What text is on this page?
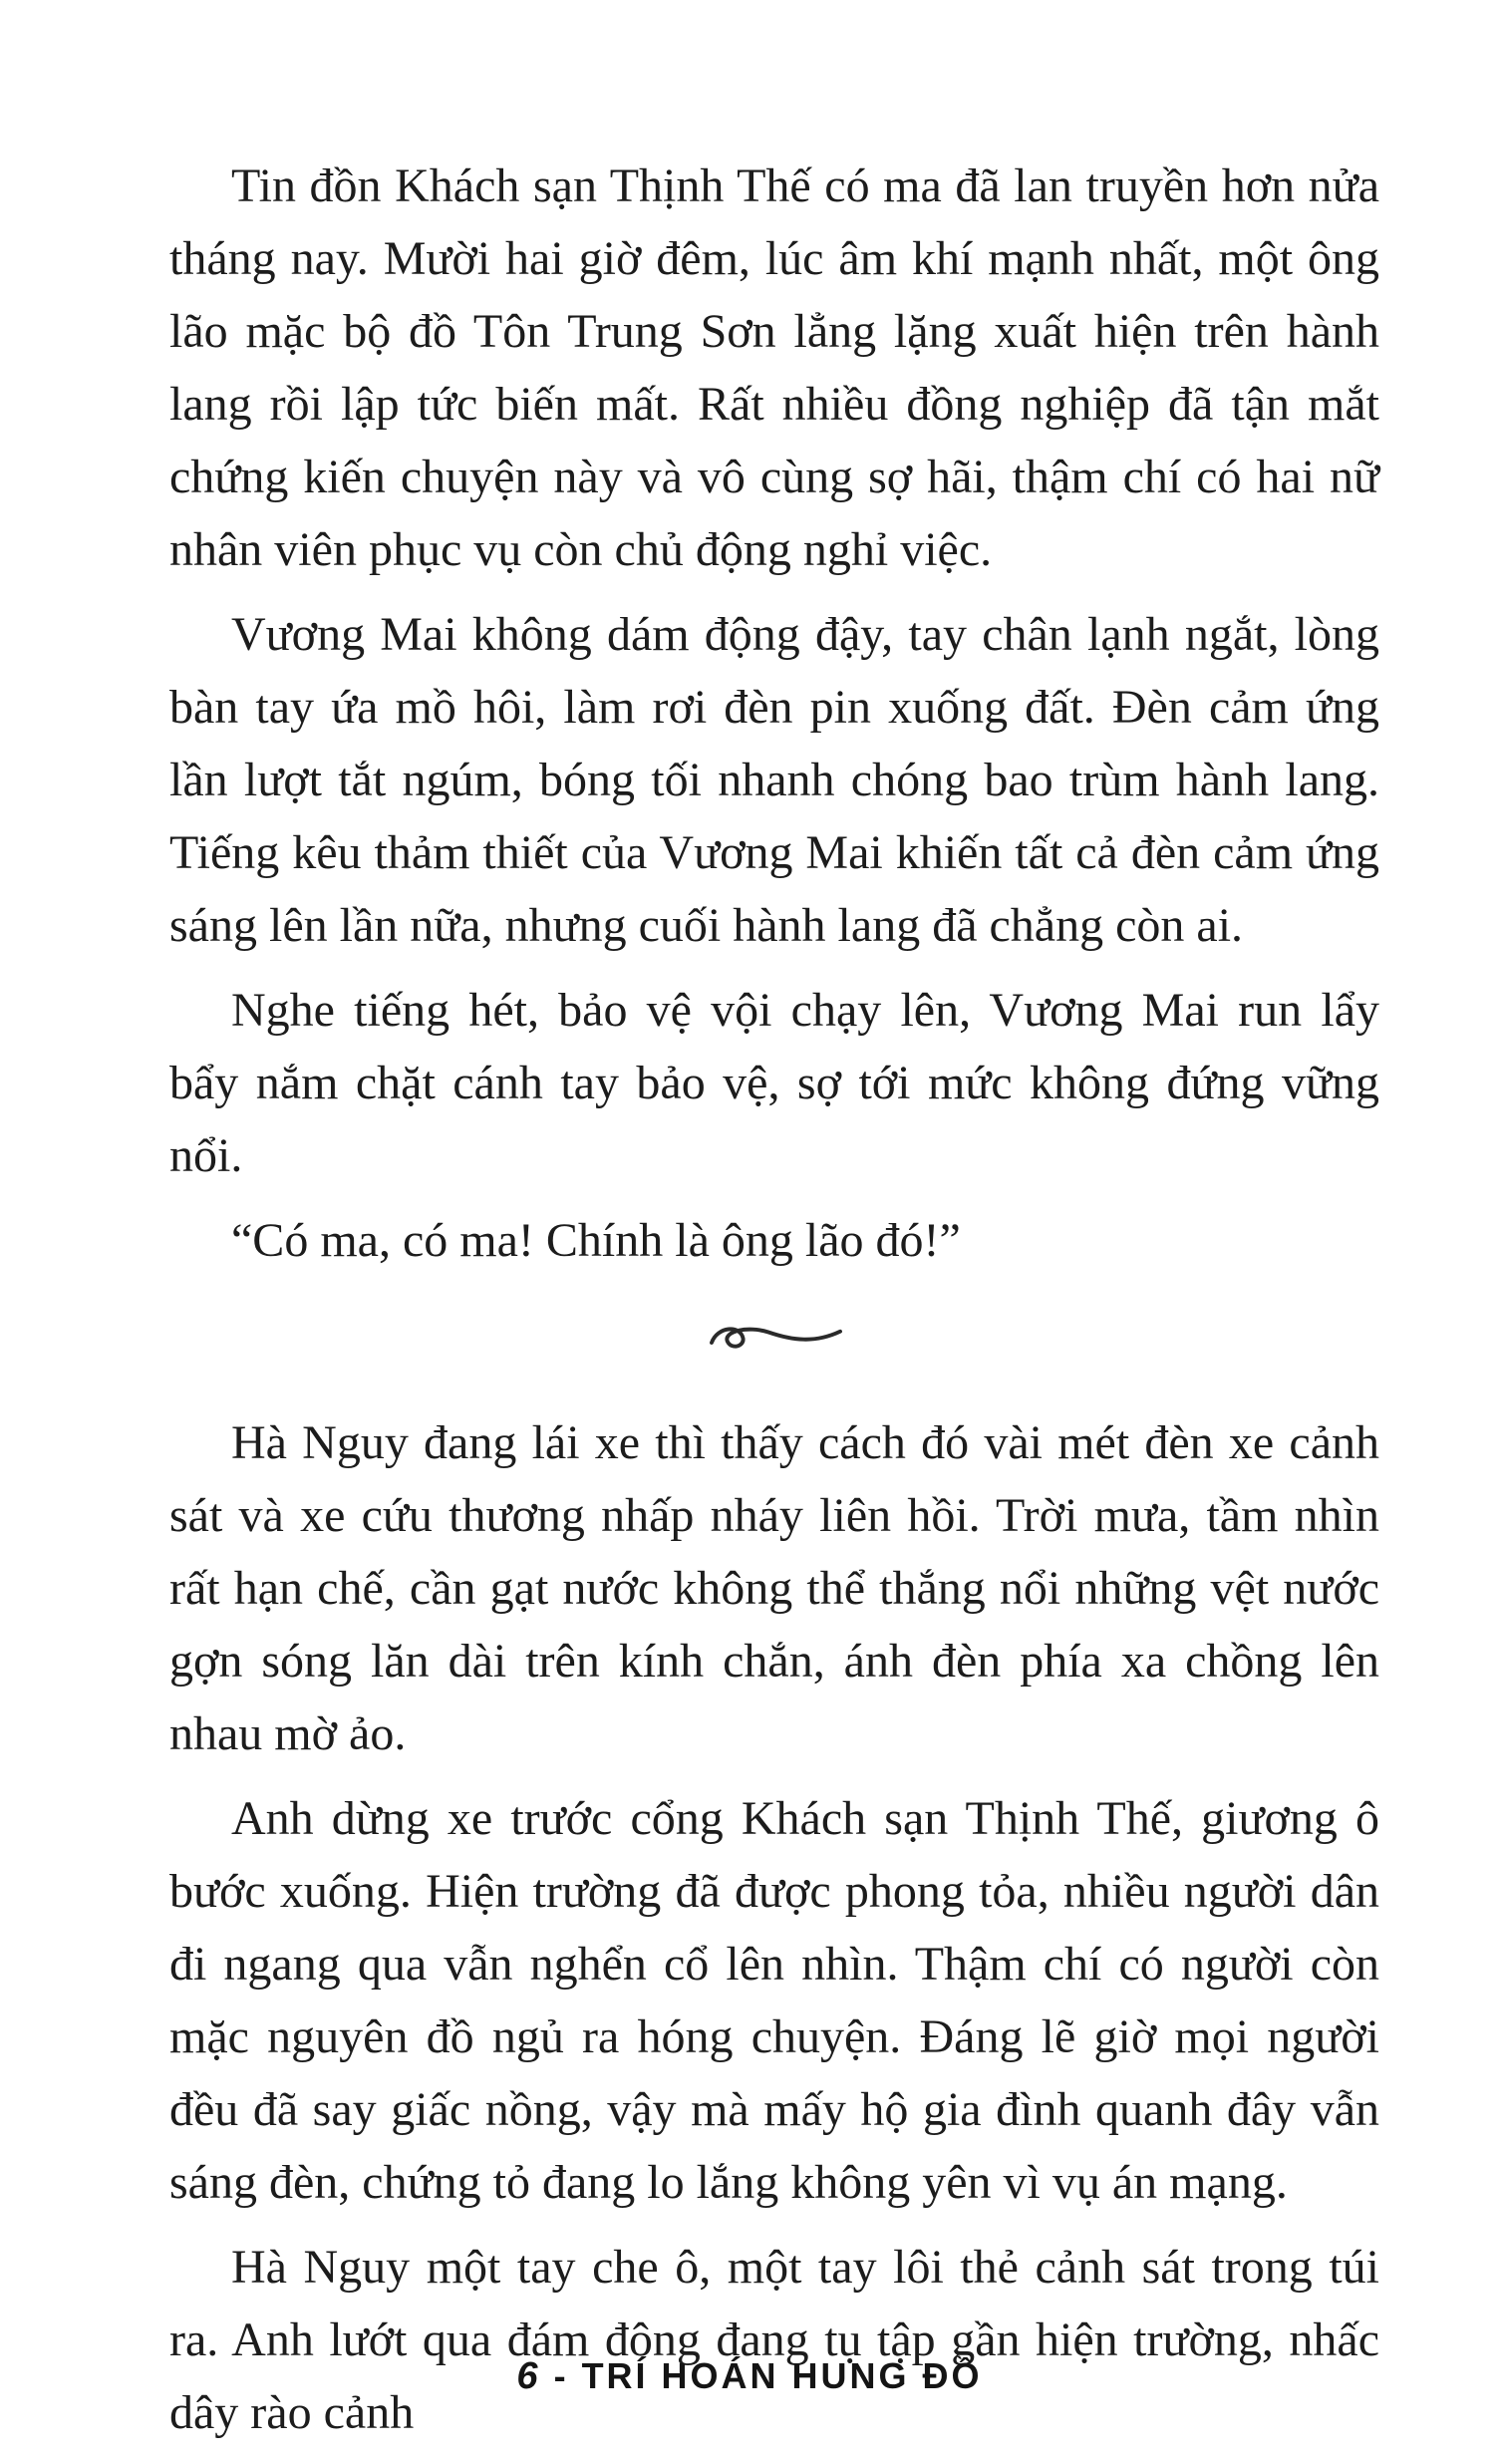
Tin đồn Khách sạn Thịnh Thế có ma đã lan truyền hơn nửa tháng nay. Mười hai giờ đêm, lúc âm khí mạnh nhất, một ông lão mặc bộ đồ Tôn Trung Sơn lẳng lặng xuất hiện trên hành lang rồi lập tức biến mất. Rất nhiều đồng nghiệp đã tận mắt chứng kiến chuyện này và vô cùng sợ hãi, thậm chí có hai nữ nhân viên phục vụ còn chủ động nghỉ việc.

Vương Mai không dám động đậy, tay chân lạnh ngắt, lòng bàn tay ứa mồ hôi, làm rơi đèn pin xuống đất. Đèn cảm ứng lần lượt tắt ngúm, bóng tối nhanh chóng bao trùm hành lang. Tiếng kêu thảm thiết của Vương Mai khiến tất cả đèn cảm ứng sáng lên lần nữa, nhưng cuối hành lang đã chẳng còn ai.

Nghe tiếng hét, bảo vệ vội chạy lên, Vương Mai run lẩy bẩy nắm chặt cánh tay bảo vệ, sợ tới mức không đứng vững nổi.

“Có ma, có ma! Chính là ông lão đó!”

Hà Nguy đang lái xe thì thấy cách đó vài mét đèn xe cảnh sát và xe cứu thương nhấp nháy liên hồi. Trời mưa, tầm nhìn rất hạn chế, cần gạt nước không thể thắng nổi những vệt nước gợn sóng lăn dài trên kính chắn, ánh đèn phía xa chồng lên nhau mờ ảo.

Anh dừng xe trước cổng Khách sạn Thịnh Thế, giương ô bước xuống. Hiện trường đã được phong tỏa, nhiều người dân đi ngang qua vẫn nghển cổ lên nhìn. Thậm chí có người còn mặc nguyên đồ ngủ ra hóng chuyện. Đáng lẽ giờ mọi người đều đã say giấc nồng, vậy mà mấy hộ gia đình quanh đây vẫn sáng đèn, chứng tỏ đang lo lắng không yên vì vụ án mạng.

Hà Nguy một tay che ô, một tay lôi thẻ cảnh sát trong túi ra. Anh lướt qua đám đông đang tụ tập gần hiện trường, nhấc dây rào cảnh

6 - TRÍ HOÁN HUNG ĐỒ
